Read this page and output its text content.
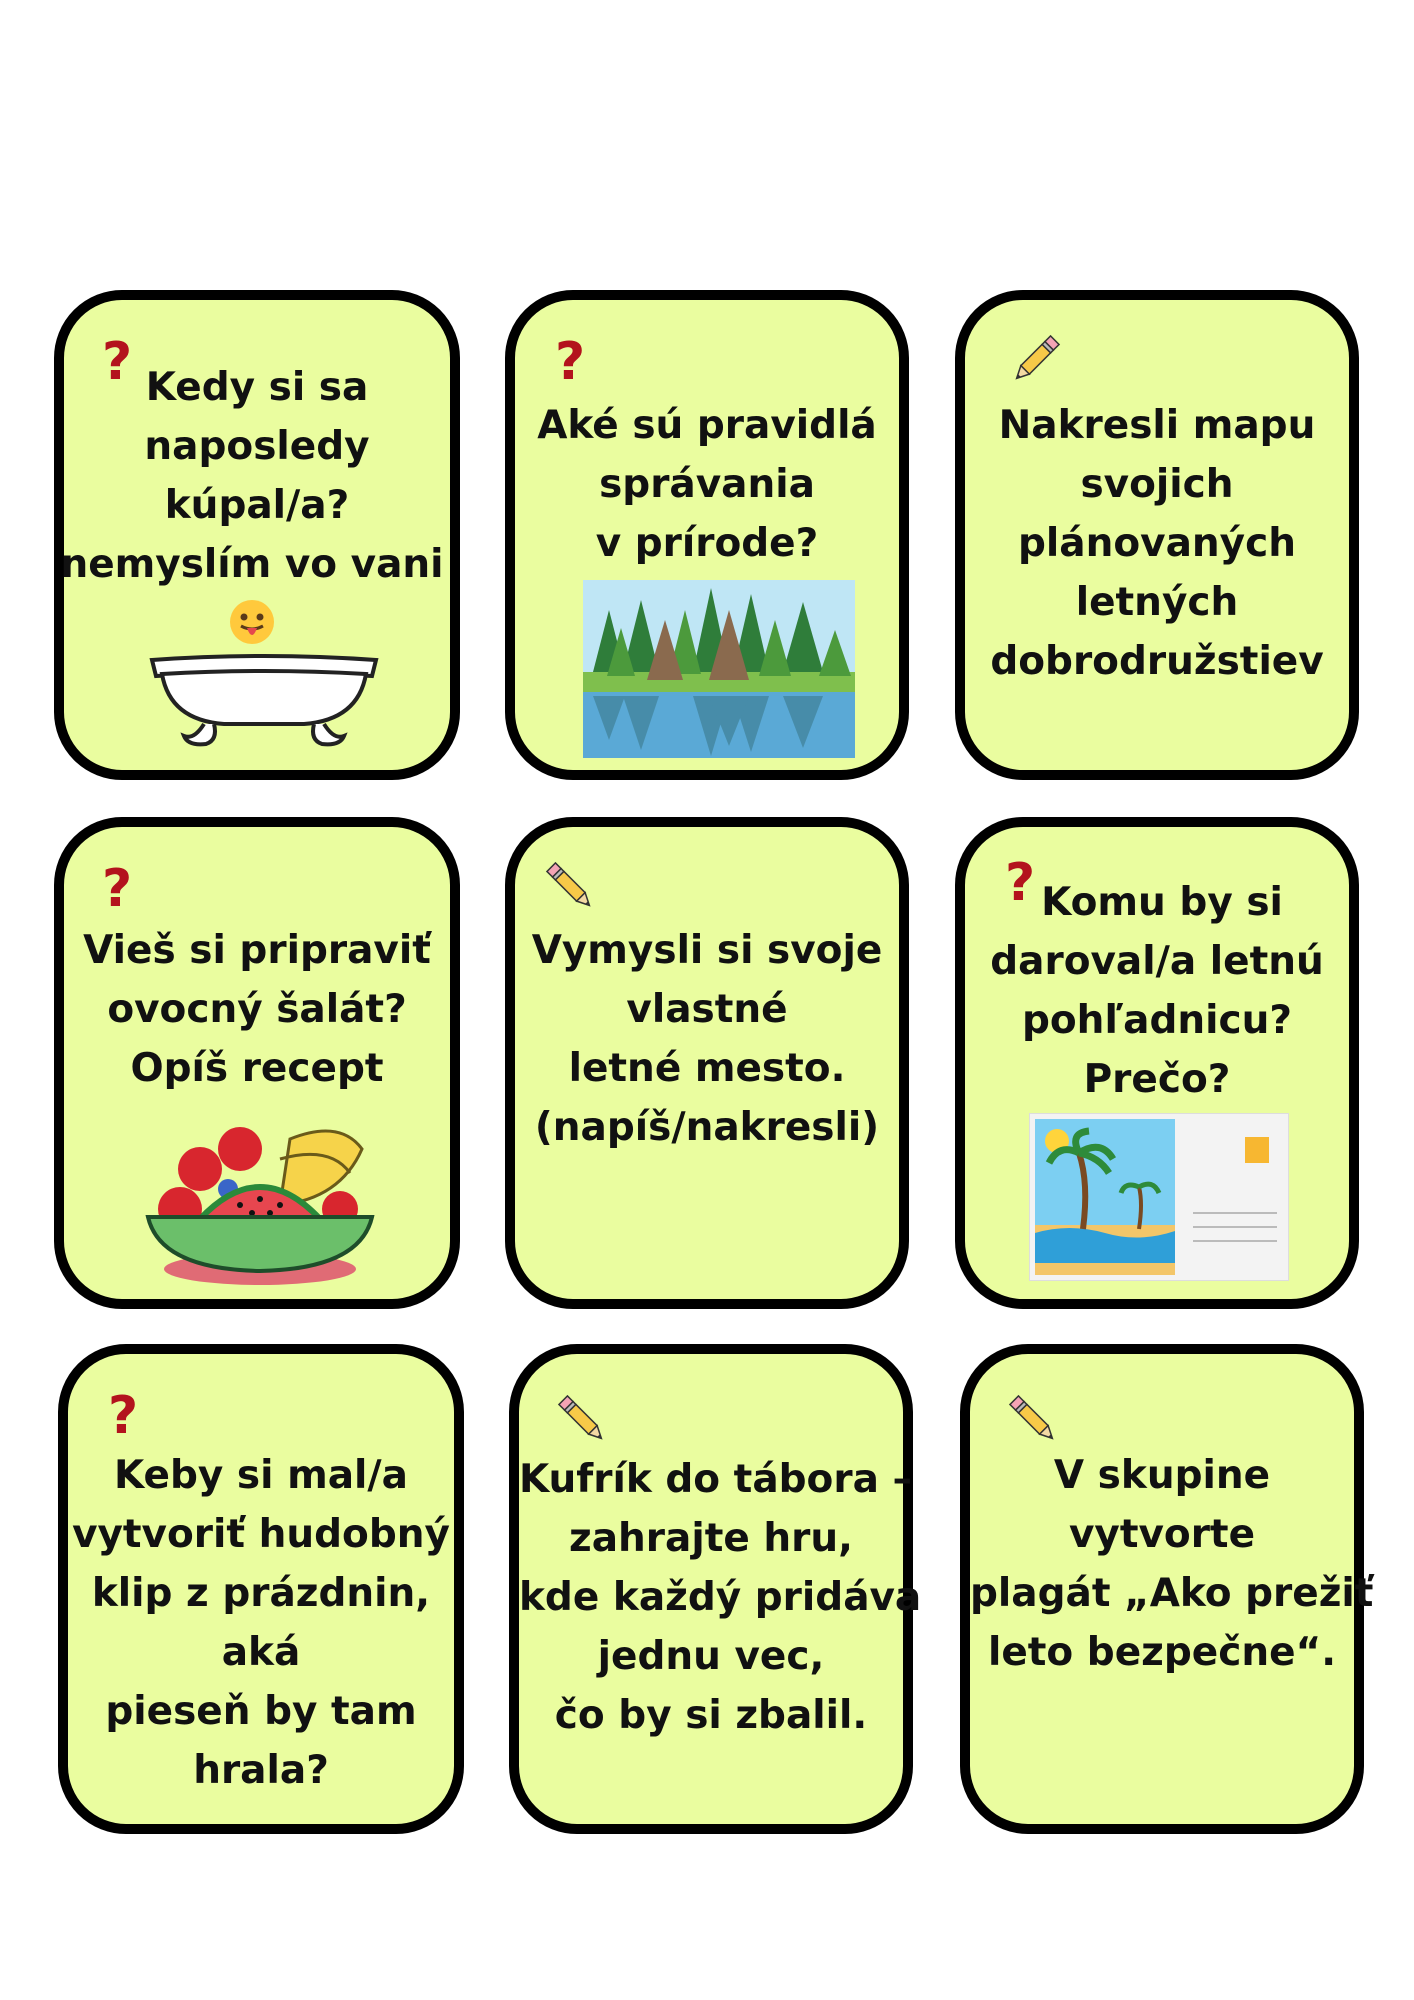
? Kedy si sa
naposledy
kúpal/a?
nemyslím vo vani
?
Aké sú pravidlá
správania
v prírode?
Nakresli mapu
svojich
plánovaných
letných
dobrodružstiev
?
Vieš si pripraviť
ovocný šalát?
Opíš recept
Vymysli si svoje
vlastné
letné mesto.
(napíš/nakresli)
? Komu by si
daroval/a letnú
pohľadnicu?
Prečo?
?
Keby si mal/a
vytvoriť hudobný
klip z prázdnin,
aká
pieseň by tam
hrala?
Kufrík do tábora –
zahrajte hru,
kde každý pridáva
jednu vec,
čo by si zbalil.
V skupine
vytvorte
plagát „Ako prežiť
leto bezpečne“.
